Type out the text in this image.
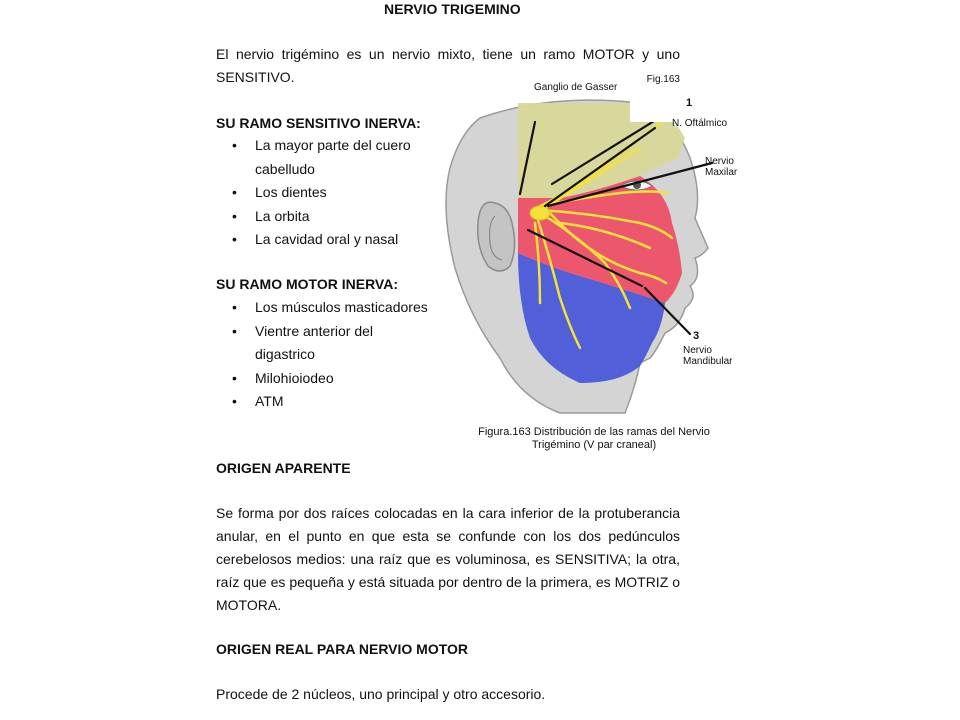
NERVIO TRIGEMINO
El nervio trigémino es un nervio mixto, tiene un ramo MOTOR y uno SENSITIVO.	Fig.163
SU RAMO SENSITIVO INERVA:
• La mayor parte del cuero
cabelludo
• Los dientes
• La orbita
• La cavidad oral y nasal
SU RAMO MOTOR INERVA:
• Los músculos masticadores
• Vientre anterior del
digastrico
• Milohioiodeo
• ATM
Ganglio de Gasser
1
N. Oftálmico
Nervio
Maxilar
3
Nervio
Mandibular
Figura.163 Distribución de las ramas del Nervio
Trigémino (V par craneal)
ORIGEN APARENTE
Se forma por dos raíces colocadas en la cara inferior de la protuberancia anular, en el punto en que esta se confunde con los dos pedúnculos cerebelosos medios: una raíz que es voluminosa, es SENSITIVA; la otra, raíz que es pequeña y está situada por dentro de la primera, es MOTRIZ o MOTORA.
ORIGEN REAL PARA NERVIO MOTOR
Procede de 2 núcleos, uno principal y otro accesorio.
